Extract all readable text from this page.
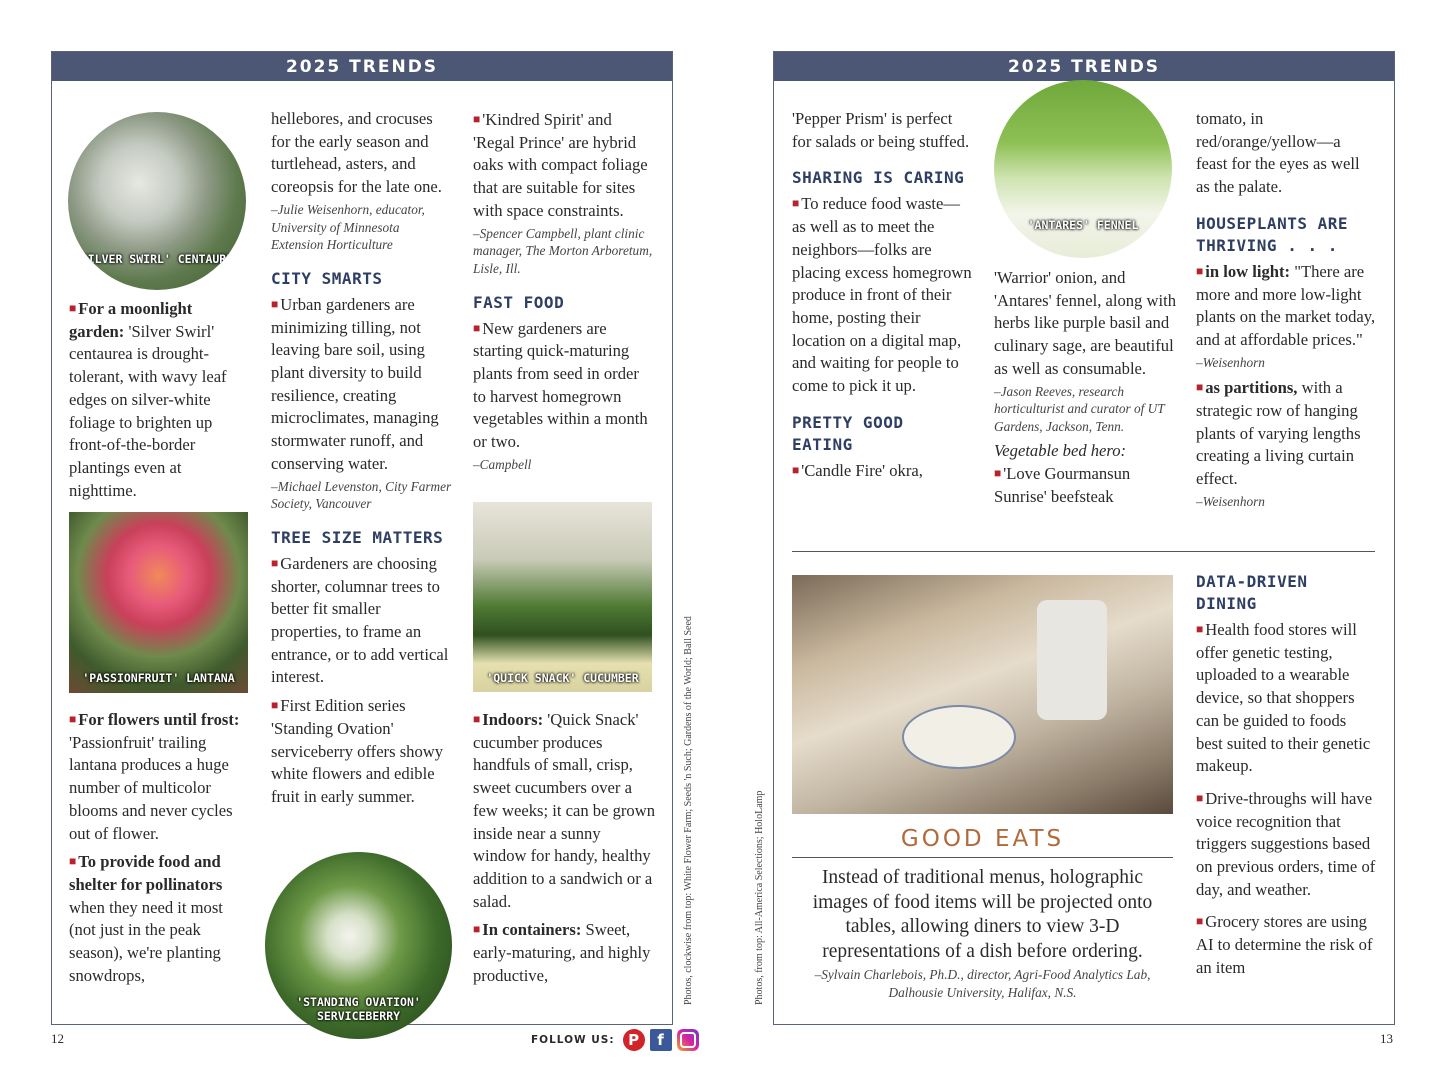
2025 TRENDS	2025 TRENDS
'SILVER SWIRL' CENTAUREA

■ For a moonlight garden: 'Silver Swirl' centaurea is drought-tolerant, with wavy leaf edges on silver-white foliage to brighten up front-of-the-border plantings even at nighttime.

'PASSIONFRUIT' LANTANA

■ For flowers until frost: 'Passionfruit' trailing lantana produces a huge number of multicolor blooms and never cycles out of flower.

■ To provide food and shelter for pollinators when they need it most (not just in the peak season), we're planting snowdrops,

hellebores, and crocuses for the early season and turtlehead, asters, and coreopsis for the late one.

–Julie Weisenhorn, educator, University of Minnesota Extension Horticulture

CITY SMARTS

■ Urban gardeners are minimizing tilling, not leaving bare soil, using plant diversity to build resilience, creating microclimates, managing stormwater runoff, and conserving water.

–Michael Levenston, City Farmer Society, Vancouver

TREE SIZE MATTERS

■ Gardeners are choosing shorter, columnar trees to better fit smaller properties, to frame an entrance, or to add vertical interest.

■ First Edition series 'Standing Ovation' serviceberry offers showy white flowers and edible fruit in early summer.

'STANDING OVATION' SERVICEBERRY

■ 'Kindred Spirit' and 'Regal Prince' are hybrid oaks with compact foliage that are suitable for sites with space constraints.

–Spencer Campbell, plant clinic manager, The Morton Arboretum, Lisle, Ill.

FAST FOOD

■ New gardeners are starting quick-maturing plants from seed in order to harvest homegrown vegetables within a month or two.

–Campbell

'QUICK SNACK' CUCUMBER

■ Indoors: 'Quick Snack' cucumber produces handfuls of small, crisp, sweet cucumbers over a few weeks; it can be grown inside near a sunny window for handy, healthy addition to a sandwich or a salad.

■ In containers: Sweet, early-maturing, and highly productive,	Photos, clockwise from top: White Flower Farm; Seeds 'n Such; Gardens of the World; Ball Seed	Photos, from top: All-America Selections; HoloLamp
12	FOLLOW US: P	f	13

'Pepper Prism' is perfect for salads or being stuffed.

SHARING IS CARING

■ To reduce food waste—as well as to meet the neighbors—folks are placing excess homegrown produce in front of their home, posting their location on a digital map, and waiting for people to come to pick it up.

PRETTY GOOD EATING

■ 'Candle Fire' okra,

'ANTARES' FENNEL

'Warrior' onion, and 'Antares' fennel, along with herbs like purple basil and culinary sage, are beautiful as well as consumable.

–Jason Reeves, research horticulturist and curator of UT Gardens, Jackson, Tenn.

Vegetable bed hero:

■ 'Love Gourmansun Sunrise' beefsteak

tomato, in red/orange/yellow—a feast for the eyes as well as the palate.

HOUSEPLANTS ARE THRIVING . . .

■ in low light: "There are more and more low-light plants on the market today, and at affordable prices."

–Weisenhorn

■ as partitions, with a strategic row of hanging plants of varying lengths creating a living curtain effect.

–Weisenhorn

GOOD EATS
Instead of traditional menus, holographic images of food items will be projected onto tables, allowing diners to view 3-D representations of a dish before ordering.
–Sylvain Charlebois, Ph.D., director, Agri-Food Analytics Lab, Dalhousie University, Halifax, N.S.
DATA-DRIVEN DINING

■ Health food stores will offer genetic testing, uploaded to a wearable device, so that shoppers can be guided to foods best suited to their genetic makeup.

■ Drive-throughs will have voice recognition that triggers suggestions based on previous orders, time of day, and weather.

■ Grocery stores are using AI to determine the risk of an item
